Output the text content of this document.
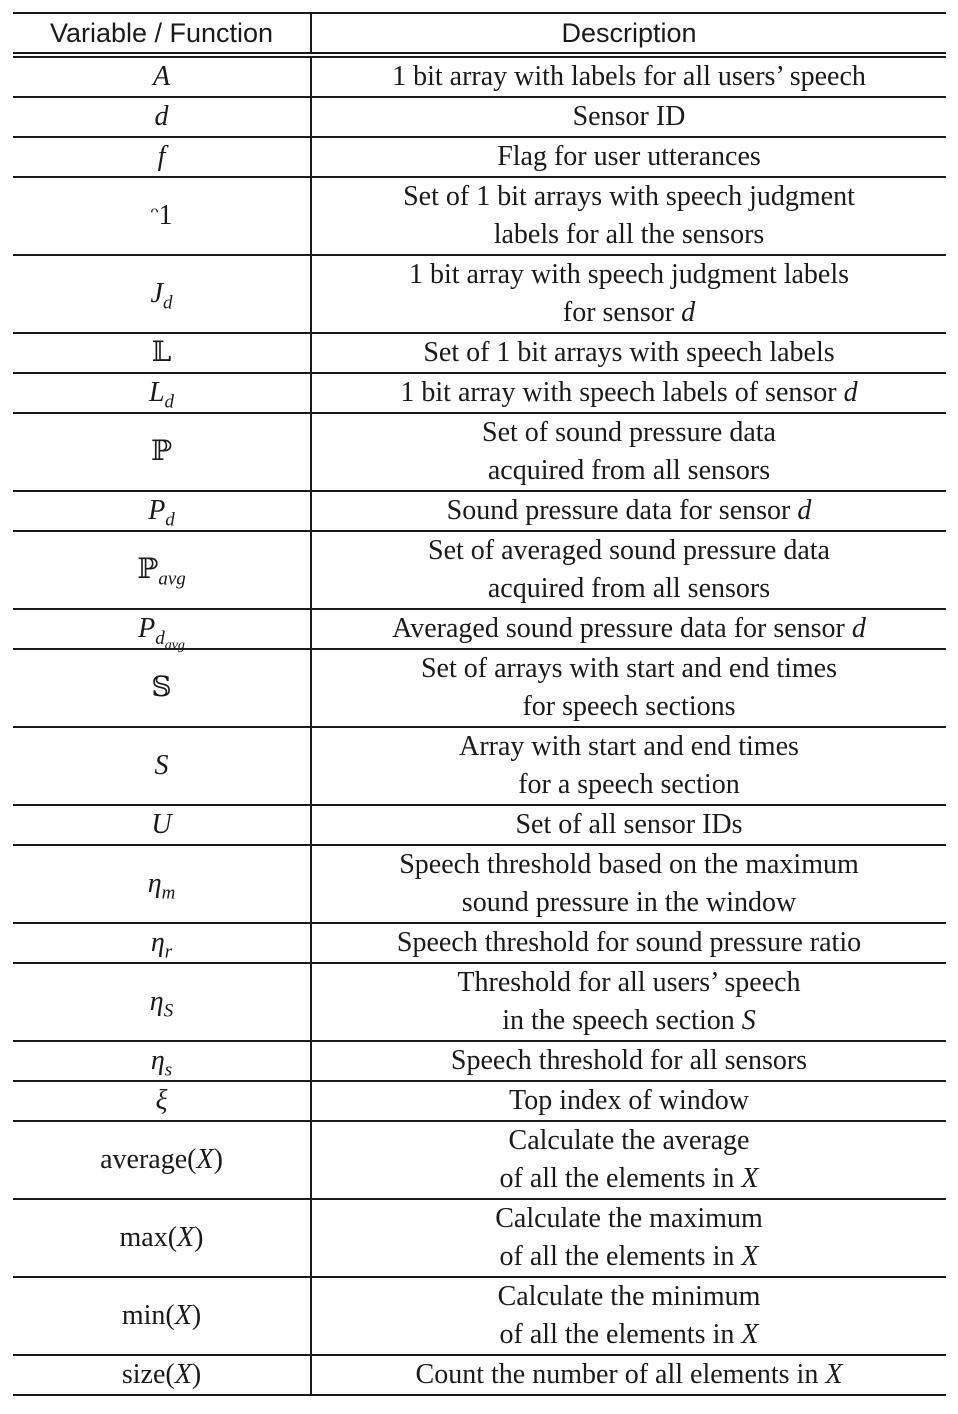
Variable / Function	Description
A	1 bit array with labels for all users’ speech

d	Sensor ID

f	Flag for user utterances

ᵔ1	Set of 1 bit arrays with speech judgment
labels for all the sensors

$J_d$	1 bit array with speech judgment labels
for sensor d

𝕃	Set of 1 bit arrays with speech labels

$L_d$	1 bit array with speech labels of sensor d

ℙ	Set of sound pressure data
acquired from all sensors

$P_d$	Sound pressure data for sensor d

ℙ$_{avg}$	Set of averaged sound pressure data
acquired from all sensors

$P_{d_{avg}}$	Averaged sound pressure data for sensor d

𝕊	Set of arrays with start and end times
for speech sections

S	Array with start and end times
for a speech section

U	Set of all sensor IDs

$\eta_m$	Speech threshold based on the maximum
sound pressure in the window

$\eta_r$	Speech threshold for sound pressure ratio

$\eta_S$	Threshold for all users’ speech
in the speech section S

$\eta_s$	Speech threshold for all sensors

ξ	Top index of window

average(X)	Calculate the average
of all the elements in X

max(X)	Calculate the maximum
of all the elements in X

min(X)	Calculate the minimum
of all the elements in X

size(X)	Count the number of all elements in X
